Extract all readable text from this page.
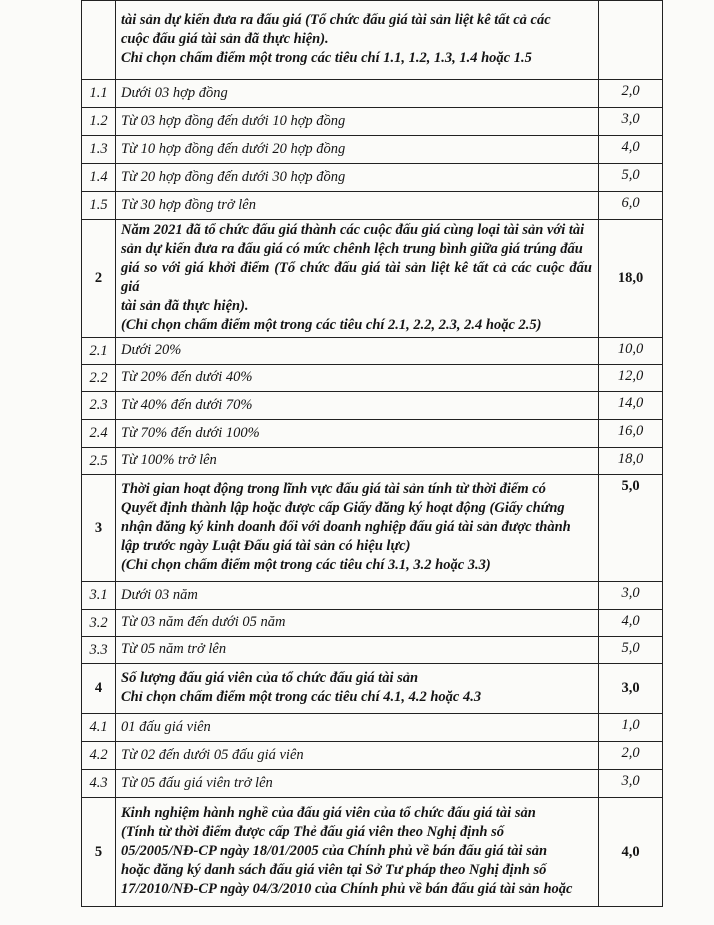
	tài sản dự kiến đưa ra đấu giá (Tổ chức đấu giá tài sản liệt kê tất cả các
cuộc đấu giá tài sản đã thực hiện).
Chỉ chọn chấm điểm một trong các tiêu chí 1.1, 1.2, 1.3, 1.4 hoặc 1.5	

1.1	Dưới 03 hợp đồng	2,0
1.2	Từ 03 hợp đồng đến dưới 10 hợp đồng	3,0
1.3	Từ 10 hợp đồng đến dưới 20 hợp đồng	4,0
1.4	Từ 20 hợp đồng đến dưới 30 hợp đồng	5,0
1.5	Từ 30 hợp đồng trở lên	6,0
2	Năm 2021 đã tổ chức đấu giá thành các cuộc đấu giá cùng loại tài sản với tài
sản dự kiến đưa ra đấu giá có mức chênh lệch trung bình giữa giá trúng đấu
giá so với giá khởi điểm (Tổ chức đấu giá tài sản liệt kê tất cả các cuộc đấu giá
tài sản đã thực hiện).
(Chỉ chọn chấm điểm một trong các tiêu chí 2.1, 2.2, 2.3, 2.4 hoặc 2.5)	18,0
2.1	Dưới 20%	10,0
2.2	Từ 20% đến dưới 40%	12,0
2.3	Từ 40% đến dưới 70%	14,0
2.4	Từ 70% đến dưới 100%	16,0
2.5	Từ 100% trở lên	18,0
3	Thời gian hoạt động trong lĩnh vực đấu giá tài sản tính từ thời điểm có
Quyết định thành lập hoặc được cấp Giấy đăng ký hoạt động (Giấy chứng
nhận đăng ký kinh doanh đối với doanh nghiệp đấu giá tài sản được thành
lập trước ngày Luật Đấu giá tài sản có hiệu lực)
(Chỉ chọn chấm điểm một trong các tiêu chí 3.1, 3.2 hoặc 3.3)	5,0
3.1	Dưới 03 năm	3,0
3.2	Từ 03 năm đến dưới 05 năm	4,0
3.3	Từ 05 năm trở lên	5,0
4	Số lượng đấu giá viên của tổ chức đấu giá tài sản
Chỉ chọn chấm điểm một trong các tiêu chí 4.1, 4.2 hoặc 4.3	3,0
4.1	01 đấu giá viên	1,0
4.2	Từ 02 đến dưới 05 đấu giá viên	2,0
4.3	Từ 05 đấu giá viên trở lên	3,0
5	Kinh nghiệm hành nghề của đấu giá viên của tổ chức đấu giá tài sản
(Tính từ thời điểm được cấp Thẻ đấu giá viên theo Nghị định số
05/2005/NĐ-CP ngày 18/01/2005 của Chính phủ về bán đấu giá tài sản
hoặc đăng ký danh sách đấu giá viên tại Sở Tư pháp theo Nghị định số
17/2010/NĐ-CP ngày 04/3/2010 của Chính phủ về bán đấu giá tài sản hoặc	4,0
